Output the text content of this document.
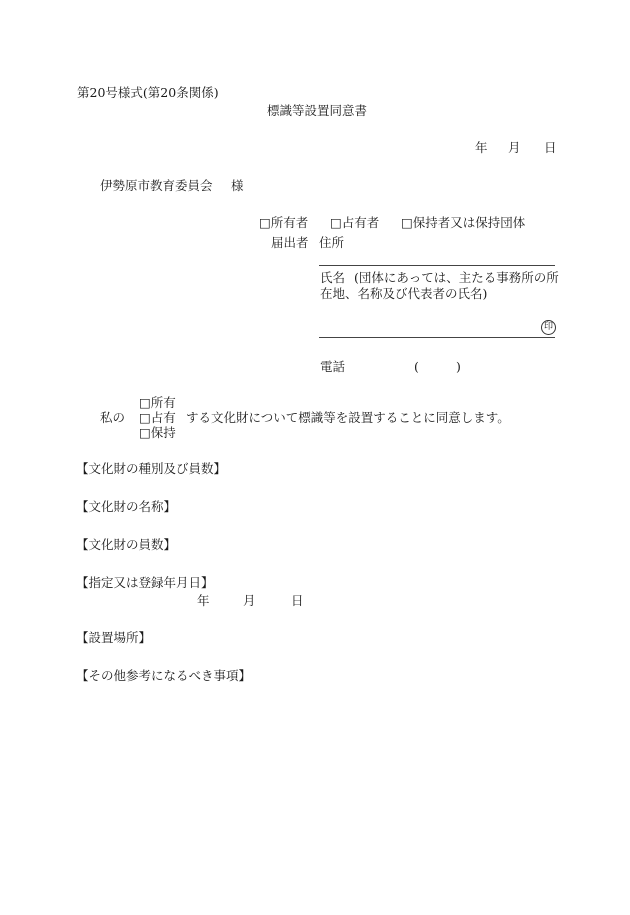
第20号様式(第20条関係)
標識等設置同意書
年 月 日
伊勢原市教育委員会 様
□所有者 □占有者 □保持者又は保持団体
届出者 住所
氏名 (団体にあっては、主たる事務所の所
在地、名称及び代表者の氏名)
印
電話	(	)
□所有
□占有
□保持
私の	する文化財について標識等を設置することに同意します。
【文化財の種別及び員数】
【文化財の名称】
【文化財の員数】
【指定又は登録年月日】
年	月	日
【設置場所】
【その他参考になるべき事項】
